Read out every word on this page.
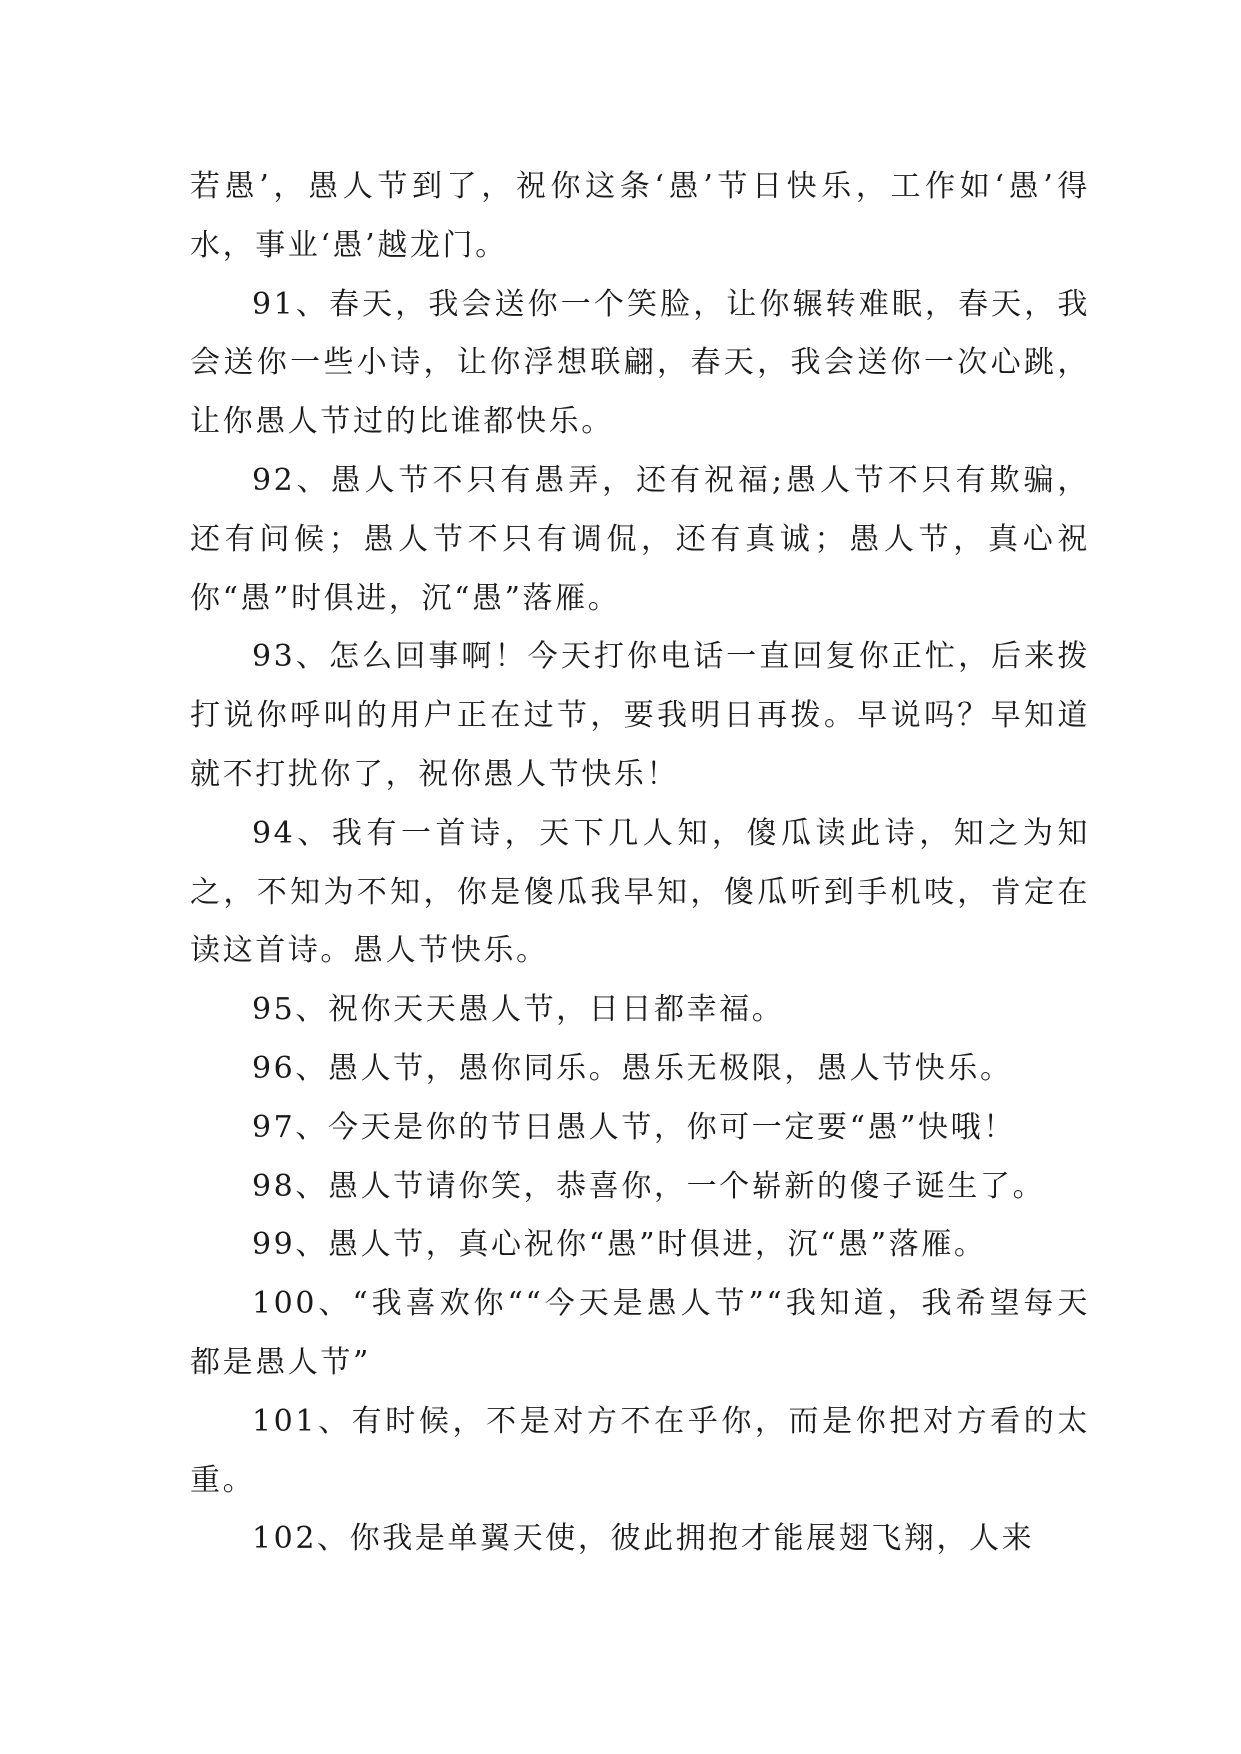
若愚’，愚人节到了，祝你这条‘愚’节日快乐，工作如‘愚’得水，事业‘愚’越龙门。

91、春天，我会送你一个笑脸，让你辗转难眠，春天，我会送你一些小诗，让你浮想联翩，春天，我会送你一次心跳，让你愚人节过的比谁都快乐。

92、愚人节不只有愚弄，还有祝福;愚人节不只有欺骗，还有问候；愚人节不只有调侃，还有真诚；愚人节，真心祝你“愚”时俱进，沉“愚”落雁。

93、怎么回事啊！今天打你电话一直回复你正忙，后来拨打说你呼叫的用户正在过节，要我明日再拨。早说吗？早知道就不打扰你了，祝你愚人节快乐！

94、我有一首诗，天下几人知，傻瓜读此诗，知之为知之，不知为不知，你是傻瓜我早知，傻瓜听到手机吱，肯定在读这首诗。愚人节快乐。

95、祝你天天愚人节，日日都幸福。

96、愚人节，愚你同乐。愚乐无极限，愚人节快乐。

97、今天是你的节日愚人节，你可一定要“愚”快哦！

98、愚人节请你笑，恭喜你，一个崭新的傻子诞生了。

99、愚人节，真心祝你“愚”时俱进，沉“愚”落雁。

100、“我喜欢你““今天是愚人节”“我知道，我希望每天都是愚人节”

101、有时候，不是对方不在乎你，而是你把对方看的太重。

102、你我是单翼天使，彼此拥抱才能展翅飞翔，人来
